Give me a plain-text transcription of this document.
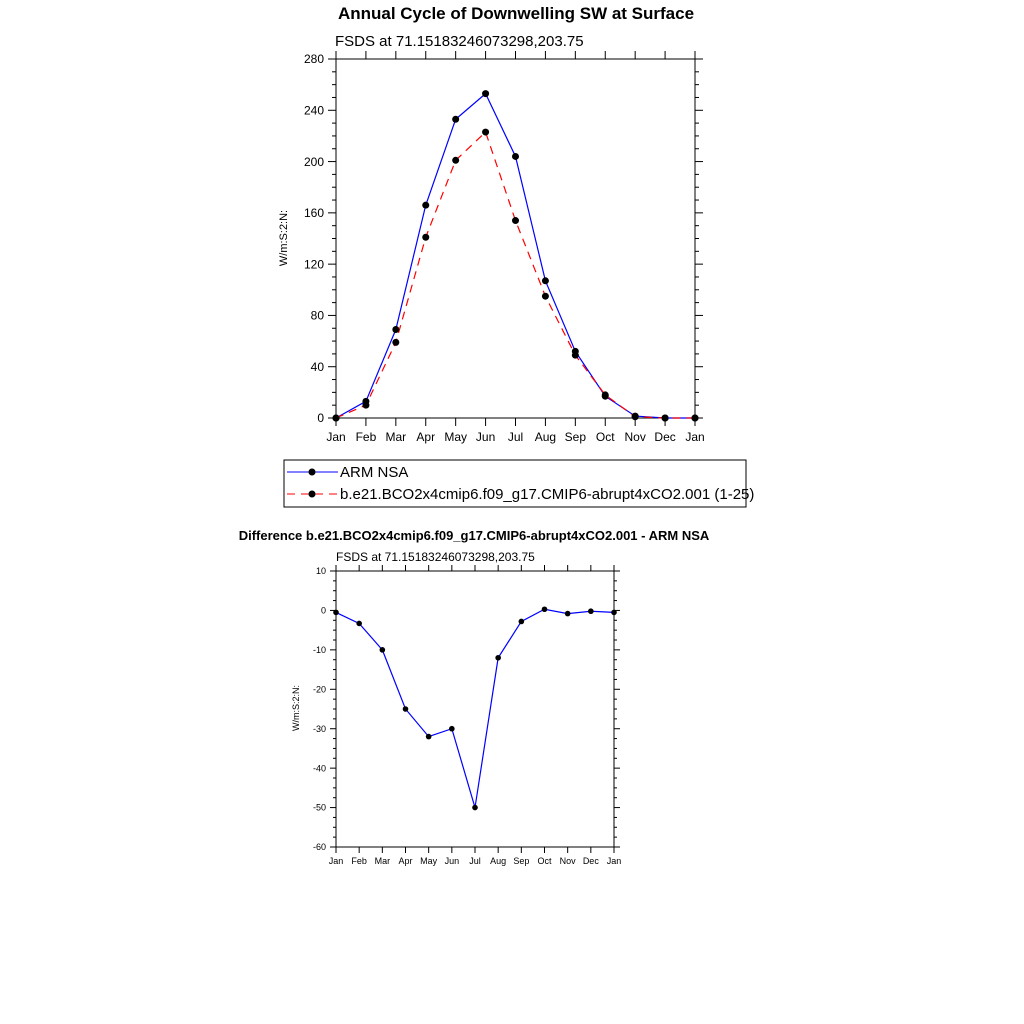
Annual Cycle of Downwelling SW at Surface
FSDS at 71.15183246073298,203.75
W/m:S:2:N:
Jan Feb Mar Apr May Jun Jul Aug Sep Oct Nov Dec Jan
0
40
80
120
160
200
240
280
ARM NSA
b.e21.BCO2x4cmip6.f09_g17.CMIP6-abrupt4xCO2.001 (1-25)
Difference b.e21.BCO2x4cmip6.f09_g17.CMIP6-abrupt4xCO2.001 - ARM NSA
FSDS at 71.15183246073298,203.75
W/m:S:2:N:
Jan Feb Mar Apr May Jun Jul Aug Sep Oct Nov Dec Jan
-60
-50
-40
-30
-20
-10
0
10
